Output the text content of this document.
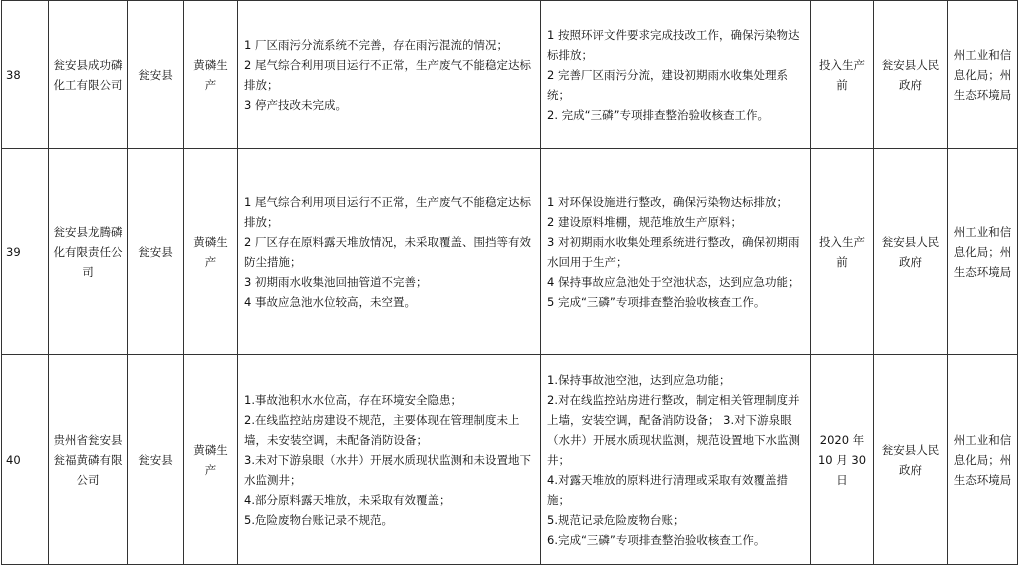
38	瓮安县成功磷化工有限公司	瓮安县	黄磷生产	1 厂区雨污分流系统不完善，存在雨污混流的情况；
2 尾气综合利用项目运行不正常，生产废气不能稳定达标排放；
3 停产技改未完成。	1 按照环评文件要求完成技改工作，确保污染物达标排放；
2 完善厂区雨污分流，建设初期雨水收集处理系统；
2. 完成“三磷”专项排查整治验收核查工作。	投入生产前	瓮安县人民政府	州工业和信息化局；州生态环境局
39	瓮安县龙腾磷化有限责任公司	瓮安县	黄磷生产	1 尾气综合利用项目运行不正常，生产废气不能稳定达标排放；
2 厂区存在原料露天堆放情况，未采取覆盖、围挡等有效防尘措施；
3 初期雨水收集池回抽管道不完善；
4 事故应急池水位较高，未空置。	1 对环保设施进行整改，确保污染物达标排放；
2 建设原料堆棚，规范堆放生产原料；
3 对初期雨水收集处理系统进行整改，确保初期雨水回用于生产；
4 保持事故应急池处于空池状态，达到应急功能；
5 完成“三磷”专项排查整治验收核查工作。	投入生产前	瓮安县人民政府	州工业和信息化局；州生态环境局
40	贵州省瓮安县瓮福黄磷有限公司	瓮安县	黄磷生产	1.事故池积水水位高，存在环境安全隐患；
2.在线监控站房建设不规范，主要体现在管理制度未上墙，未安装空调，未配备消防设备；
3.未对下游泉眼（水井）开展水质现状监测和未设置地下水监测井；
4.部分原料露天堆放，未采取有效覆盖；
5.危险废物台账记录不规范。	1.保持事故池空池，达到应急功能；
2.对在线监控站房进行整改，制定相关管理制度并上墙，安装空调，配备消防设备； 3.对下游泉眼（水井）开展水质现状监测，规范设置地下水监测井；
4.对露天堆放的原料进行清理或采取有效覆盖措施；
5.规范记录危险废物台账；
6.完成“三磷”专项排查整治验收核查工作。	2020 年 10 月 30 日	瓮安县人民政府	州工业和信息化局；州生态环境局
